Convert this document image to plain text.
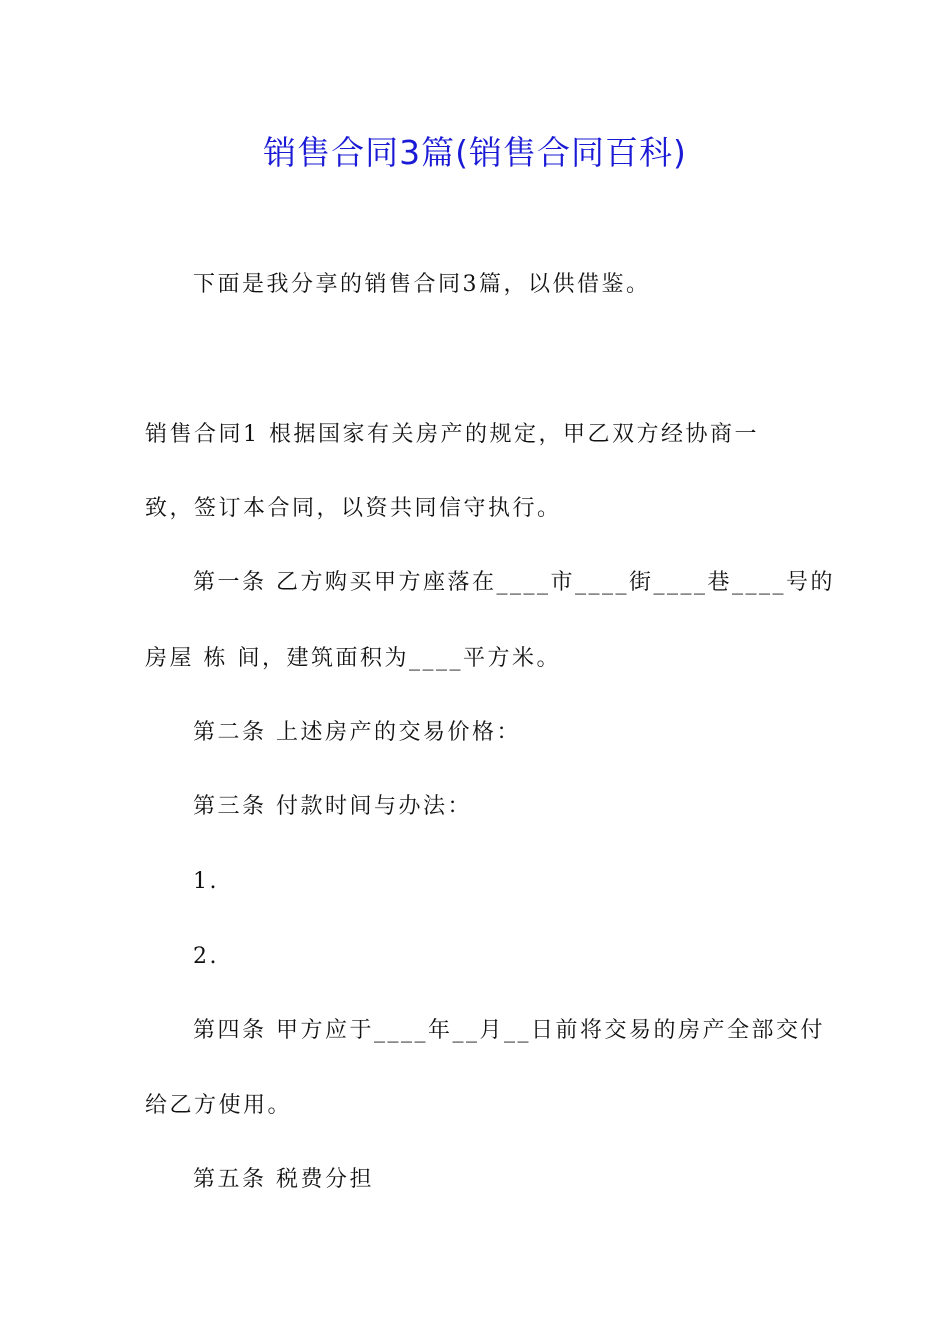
销售合同3篇(销售合同百科)
下面是我分享的销售合同3篇，以供借鉴。
销售合同1 根据国家有关房产的规定，甲乙双方经协商一
致，签订本合同，以资共同信守执行。
第一条 乙方购买甲方座落在____市____街____巷____号的
房屋 栋 间，建筑面积为____平方米。
第二条 上述房产的交易价格：
第三条 付款时间与办法：
1.
2.
第四条 甲方应于____年__月__日前将交易的房产全部交付
给乙方使用。
第五条 税费分担
